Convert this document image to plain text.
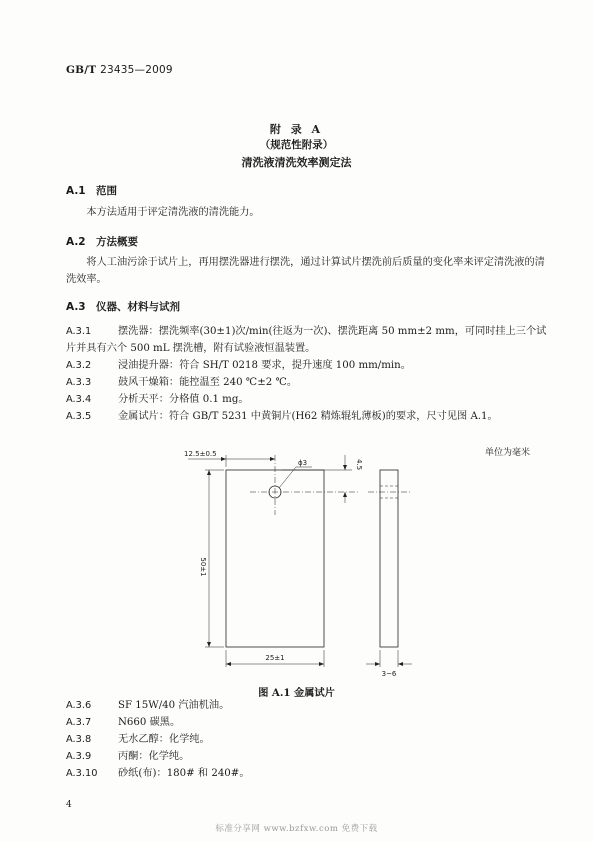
GB/T 23435—2009
附 录 A
（规范性附录）
清洗液清洗效率测定法
A.1 范围
本方法适用于评定清洗液的清洗能力。
A.2 方法概要
将人工油污涂于试片上，再用摆洗器进行摆洗，通过计算试片摆洗前后质量的变化率来评定清洗液的清洗效率。
A.3 仪器、材料与试剂
A.3.1	摆洗器：摆洗频率(30±1)次/min(往返为一次)、摆洗距离 50 mm±2 mm，可同时挂上三个试
片并具有六个 500 mL 摆洗槽，附有试验液恒温装置。
A.3.2	浸油提升器：符合 SH/T 0218 要求，提升速度 100 mm/min。
A.3.3	鼓风干燥箱：能控温至 240 ℃±2 ℃。
A.3.4	分析天平：分格值 0.1 mg。
A.3.5	金属试片：符合 GB/T 5231 中黄铜片(H62 精炼辊轧薄板)的要求，尺寸见图 A.1。
单位为毫米
12.5±0.5
ϕ3	4.5
50±1
25±1
3~6
图 A.1 金属试片
A.3.6	SF 15W/40 汽油机油。
A.3.7	N660 碳黑。
A.3.8	无水乙醇：化学纯。
A.3.9	丙酮：化学纯。
A.3.10 砂纸(布)：180# 和 240#。
4
标准分享网 www.bzfxw.com 免费下载
